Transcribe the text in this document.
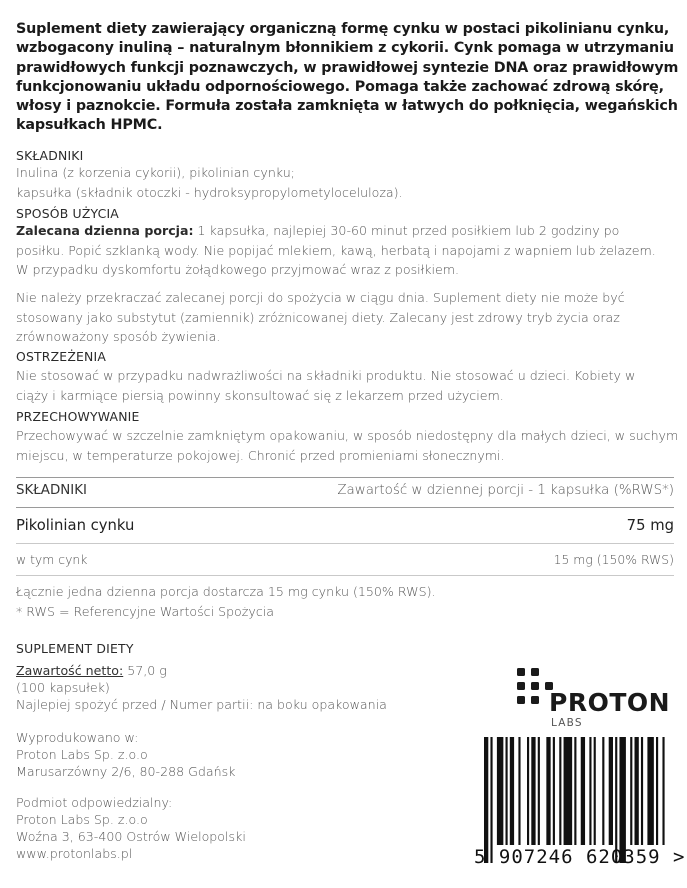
Suplement diety zawierający organiczną formę cynku w postaci pikolinianu cynku, wzbogacony inuliną – naturalnym błonnikiem z cykorii. Cynk pomaga w utrzymaniu prawidłowych funkcji poznawczych, w prawidłowej syntezie DNA oraz prawidłowym funkcjonowaniu układu odpornościowego. Pomaga także zachować zdrową skórę, włosy i paznokcie. Formuła została zamknięta w łatwych do połknięcia, wegańskich kapsułkach HPMC.
SKŁADNIKI
Inulina (z korzenia cykorii), pikolinian cynku;
kapsułka (składnik otoczki - hydroksypropylometyloceluloza).
SPOSÓB UŻYCIA
Zalecana dzienna porcja: 1 kapsułka, najlepiej 30-60 minut przed posiłkiem lub 2 godziny po posiłku. Popić szklanką wody. Nie popijać mlekiem, kawą, herbatą i napojami z wapniem lub żelazem. W przypadku dyskomfortu żołądkowego przyjmować wraz z posiłkiem.
Nie należy przekraczać zalecanej porcji do spożycia w ciągu dnia. Suplement diety nie może być stosowany jako substytut (zamiennik) zróżnicowanej diety. Zalecany jest zdrowy tryb życia oraz zrównoważony sposób żywienia.
OSTRZEŻENIA
Nie stosować w przypadku nadwrażliwości na składniki produktu. Nie stosować u dzieci. Kobiety w ciąży i karmiące piersią powinny skonsultować się z lekarzem przed użyciem.
PRZECHOWYWANIE
Przechowywać w szczelnie zamkniętym opakowaniu, w sposób niedostępny dla małych dzieci, w suchym miejscu, w temperaturze pokojowej. Chronić przed promieniami słonecznymi.
SKŁADNIKI	Zawartość w dziennej porcji - 1 kapsułka (%RWS*)
Pikolinian cynku	75 mg
w tym cynk	15 mg (150% RWS)
Łącznie jedna dzienna porcja dostarcza 15 mg cynku (150% RWS).
* RWS = Referencyjne Wartości Spożycia
SUPLEMENT DIETY
Zawartość netto: 57,0 g
(100 kapsułek)
Najlepiej spożyć przed / Numer partii: na boku opakowania
Wyprodukowano w:
Proton Labs Sp. z.o.o
Marusarzówny 2/6, 80-288 Gdańsk
Podmiot odpowiedzialny:
Proton Labs Sp. z.o.o
Woźna 3, 63-400 Ostrów Wielopolski
www.protonlabs.pl
PROTON
LABS
5 907246 620359 >
